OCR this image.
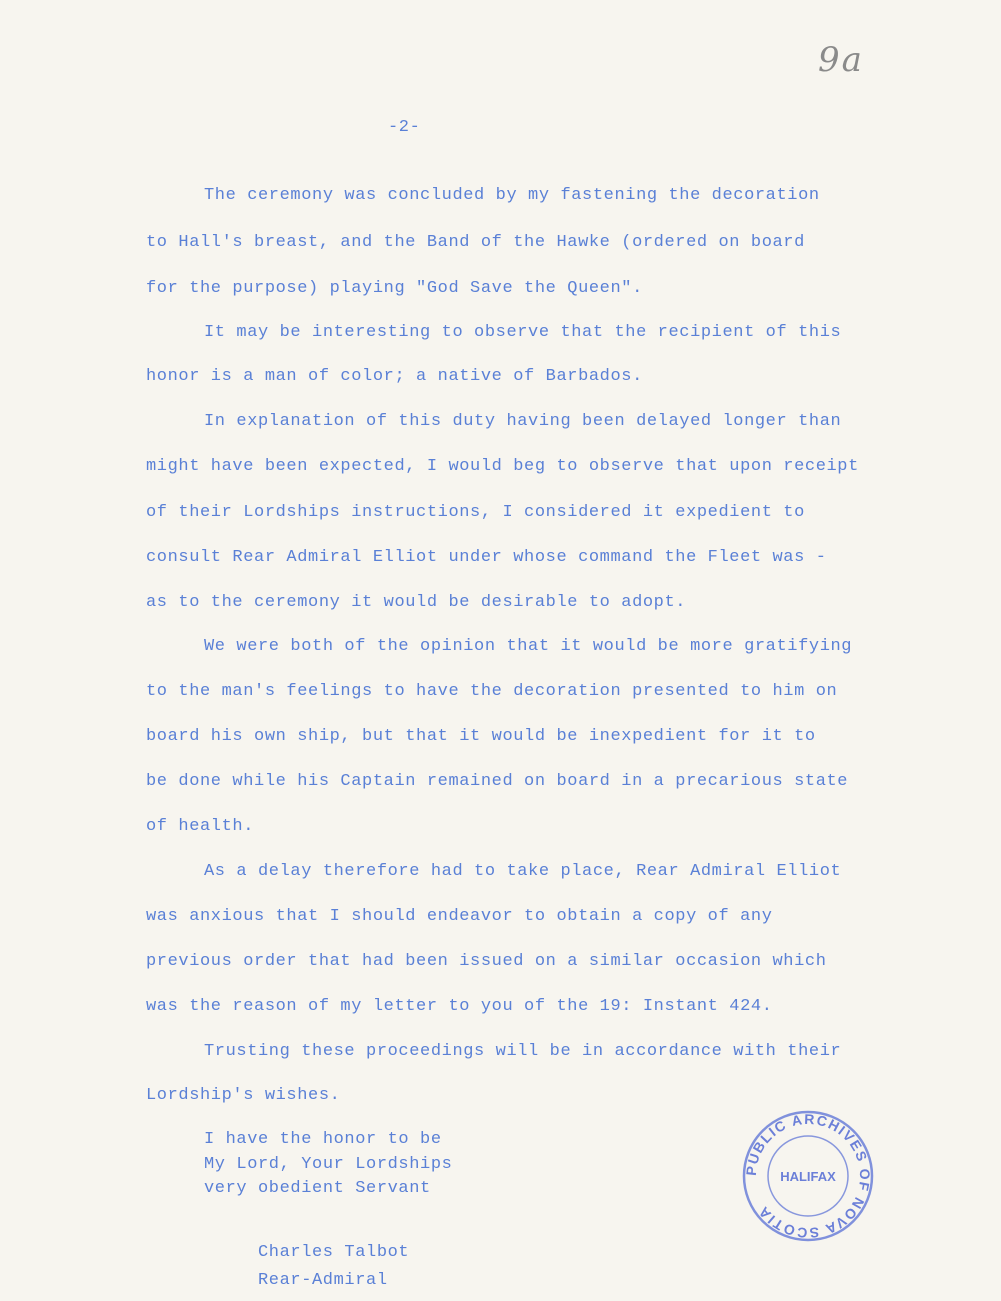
9a
-2-
The ceremony was concluded by my fastening the decoration
to Hall's breast, and the Band of the Hawke (ordered on board
for the purpose) playing "God Save the Queen".
It may be interesting to observe that the recipient of this
honor is a man of color; a native of Barbados.
In explanation of this duty having been delayed longer than
might have been expected, I would beg to observe that upon receipt
of their Lordships instructions, I considered it expedient to
consult Rear Admiral Elliot under whose command the Fleet was -
as to the ceremony it would be desirable to adopt.
We were both of the opinion that it would be more gratifying
to the man's feelings to have the decoration presented to him on
board his own ship, but that it would be inexpedient for it to
be done while his Captain remained on board in a precarious state
of health.
As a delay therefore had to take place, Rear Admiral Elliot
was anxious that I should endeavor to obtain a copy of any
previous order that had been issued on a similar occasion which
was the reason of my letter to you of the 19: Instant 424.
Trusting these proceedings will be in accordance with their
Lordship's wishes.
I have the honor to be
My Lord, Your Lordships
very obedient Servant
Charles Talbot
Rear-Admiral
PUBLIC ARCHIVES OF NOVA SCOTIA
HALIFAX
